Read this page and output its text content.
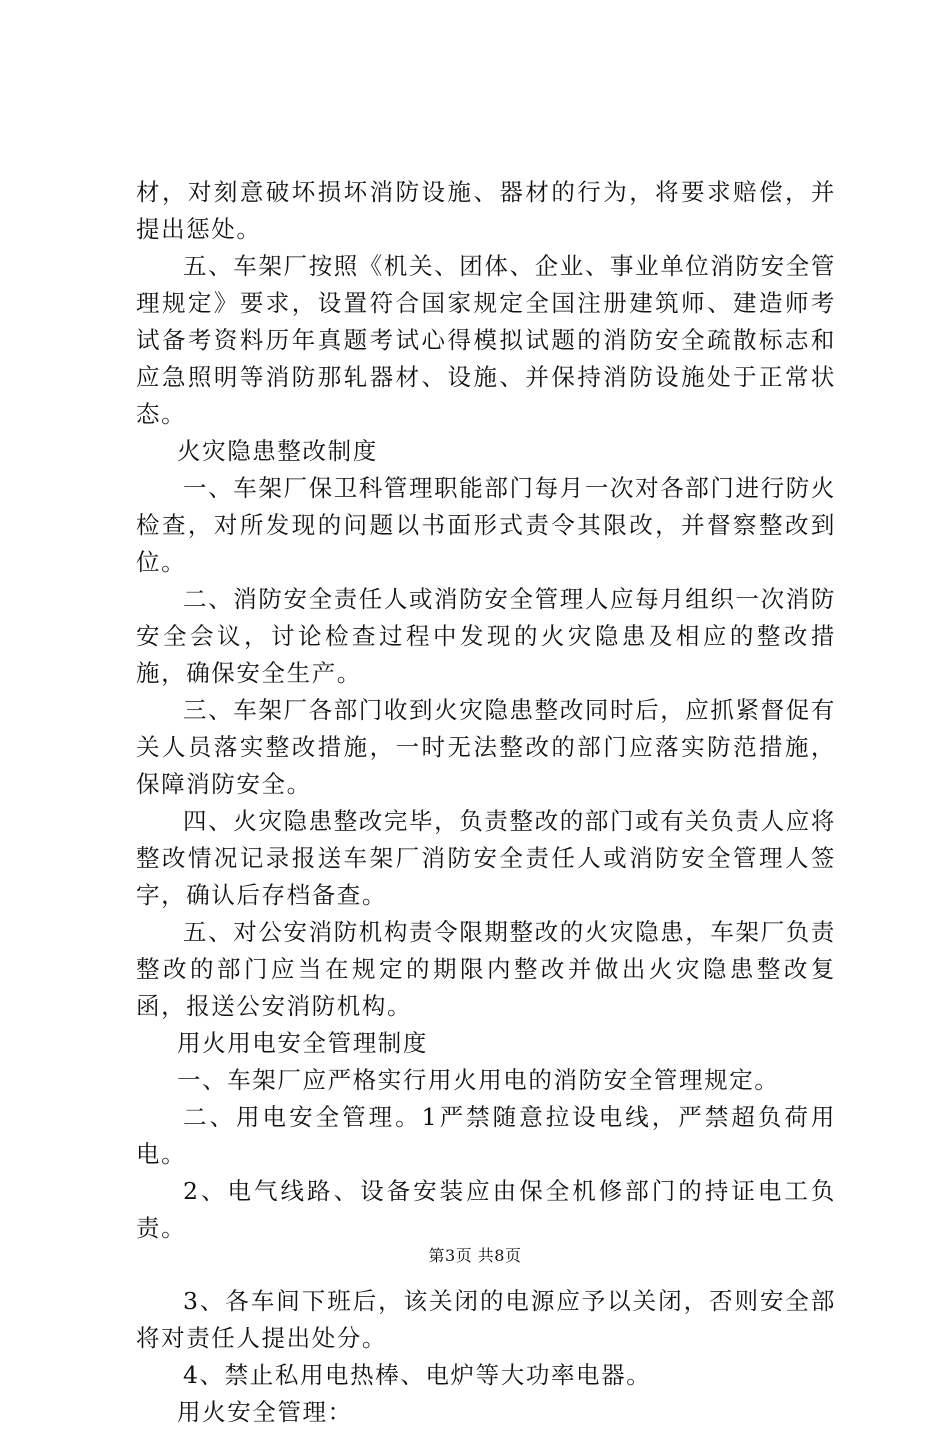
材，对刻意破坏损坏消防设施、器材的行为，将要求赔偿，并提出惩处。

五、车架厂按照《机关、团体、企业、事业单位消防安全管理规定》要求，设置符合国家规定全国注册建筑师、建造师考试备考资料历年真题考试心得模拟试题的消防安全疏散标志和应急照明等消防那轧器材、设施、并保持消防设施处于正常状态。

火灾隐患整改制度

一、车架厂保卫科管理职能部门每月一次对各部门进行防火检查，对所发现的问题以书面形式责令其限改，并督察整改到位。

二、消防安全责任人或消防安全管理人应每月组织一次消防安全会议，讨论检查过程中发现的火灾隐患及相应的整改措施，确保安全生产。

三、车架厂各部门收到火灾隐患整改同时后，应抓紧督促有关人员落实整改措施，一时无法整改的部门应落实防范措施，保障消防安全。

四、火灾隐患整改完毕，负责整改的部门或有关负责人应将整改情况记录报送车架厂消防安全责任人或消防安全管理人签字，确认后存档备查。

五、对公安消防机构责令限期整改的火灾隐患，车架厂负责整改的部门应当在规定的期限内整改并做出火灾隐患整改复函，报送公安消防机构。

用火用电安全管理制度

一、车架厂应严格实行用火用电的消防安全管理规定。

二、用电安全管理。1严禁随意拉设电线，严禁超负荷用电。

2、电气线路、设备安装应由保全机修部门的持证电工负责。

3、各车间下班后，该关闭的电源应予以关闭，否则安全部将对责任人提出处分。

4、禁止私用电热棒、电炉等大功率电器。

用火安全管理：

第3页 共8页
